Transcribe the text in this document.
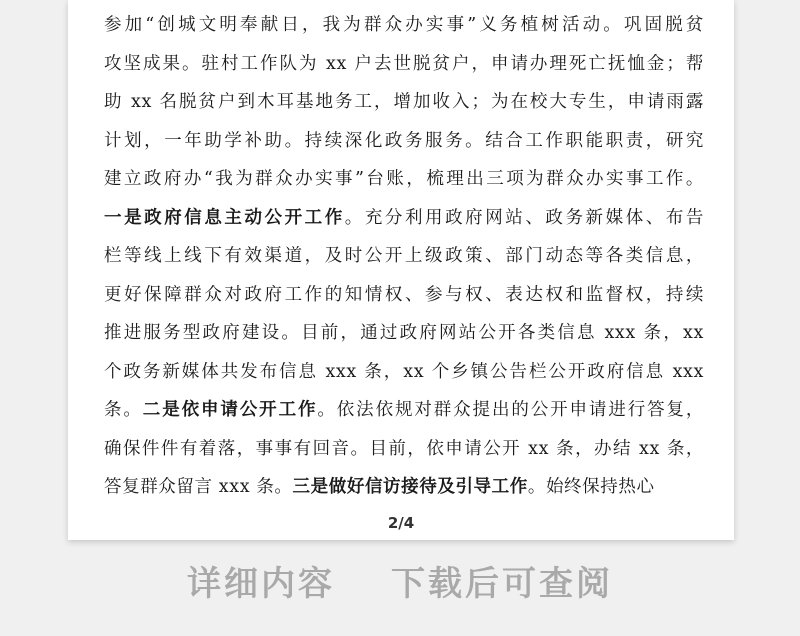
参加“创城文明奉献日，我为群众办实事”义务植树活动。巩固脱贫
攻坚成果。驻村工作队为 xx 户去世脱贫户，申请办理死亡抚恤金；帮
助 xx 名脱贫户到木耳基地务工，增加收入；为在校大专生，申请雨露
计划，一年助学补助。持续深化政务服务。结合工作职能职责，研究
建立政府办“我为群众办实事”台账，梳理出三项为群众办实事工作。
一是政府信息主动公开工作。充分利用政府网站、政务新媒体、布告
栏等线上线下有效渠道，及时公开上级政策、部门动态等各类信息，
更好保障群众对政府工作的知情权、参与权、表达权和监督权，持续
推进服务型政府建设。目前，通过政府网站公开各类信息 xxx 条，xx
个政务新媒体共发布信息 xxx 条，xx 个乡镇公告栏公开政府信息 xxx
条。二是依申请公开工作。依法依规对群众提出的公开申请进行答复，
确保件件有着落，事事有回音。目前，依申请公开 xx 条，办结 xx 条，
答复群众留言 xxx 条。三是做好信访接待及引导工作。始终保持热心
2/4
详细内容 下载后可查阅
